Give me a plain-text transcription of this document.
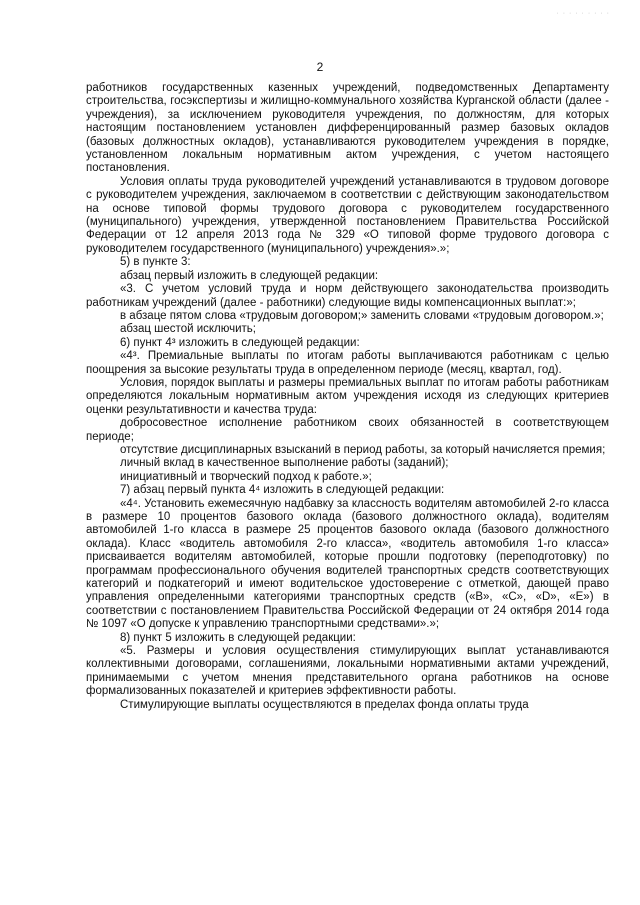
· · · · · · · · ·
2

работников государственных казенных учреждений, подведомственных Департаменту строительства, госэкспертизы и жилищно-коммунального хозяйства Курганской области (далее - учреждения), за исключением руководителя учреждения, по должностям, для которых настоящим постановлением установлен дифференцированный размер базовых окладов (базовых должностных окладов), устанавливаются руководителем учреждения в порядке, установленном локальным нормативным актом учреждения, с учетом настоящего постановления.

Условия оплаты труда руководителей учреждений устанавливаются в трудовом договоре с руководителем учреждения, заключаемом в соответствии с действующим законодательством на основе типовой формы трудового договора с руководителем государственного (муниципального) учреждения, утвержденной постановлением Правительства Российской Федерации от 12 апреля 2013 года № 329 «О типовой форме трудового договора с руководителем государственного (муниципального) учреждения».»;

5) в пункте 3:

абзац первый изложить в следующей редакции:

«3. С учетом условий труда и норм действующего законодательства производить работникам учреждений (далее - работники) следующие виды компенсационных выплат:»;

в абзаце пятом слова «трудовым договором;» заменить словами «трудовым договором.»;

абзац шестой исключить;

6) пункт 4³ изложить в следующей редакции:

«4³. Премиальные выплаты по итогам работы выплачиваются работникам с целью поощрения за высокие результаты труда в определенном периоде (месяц, квартал, год).

Условия, порядок выплаты и размеры премиальных выплат по итогам работы работникам определяются локальным нормативным актом учреждения исходя из следующих критериев оценки результативности и качества труда:

добросовестное исполнение работником своих обязанностей в соответствующем периоде;

отсутствие дисциплинарных взысканий в период работы, за который начисляется премия;

личный вклад в качественное выполнение работы (заданий);

инициативный и творческий подход к работе.»;

7) абзац первый пункта 4⁴ изложить в следующей редакции:

«4⁴. Установить ежемесячную надбавку за классность водителям автомобилей 2-го класса в размере 10 процентов базового оклада (базового должностного оклада), водителям автомобилей 1-го класса в размере 25 процентов базового оклада (базового должностного оклада). Класс «водитель автомобиля 2-го класса», «водитель автомобиля 1-го класса» присваивается водителям автомобилей, которые прошли подготовку (переподготовку) по программам профессионального обучения водителей транспортных средств соответствующих категорий и подкатегорий и имеют водительское удостоверение с отметкой, дающей право управления определенными категориями транспортных средств («B», «C», «D», «E») в соответствии с постановлением Правительства Российской Федерации от 24 октября 2014 года № 1097 «О допуске к управлению транспортными средствами».»;

8) пункт 5 изложить в следующей редакции:

«5. Размеры и условия осуществления стимулирующих выплат устанавливаются коллективными договорами, соглашениями, локальными нормативными актами учреждений, принимаемыми с учетом мнения представительного органа работников на основе формализованных показателей и критериев эффективности работы.

Стимулирующие выплаты осуществляются в пределах фонда оплаты труда
